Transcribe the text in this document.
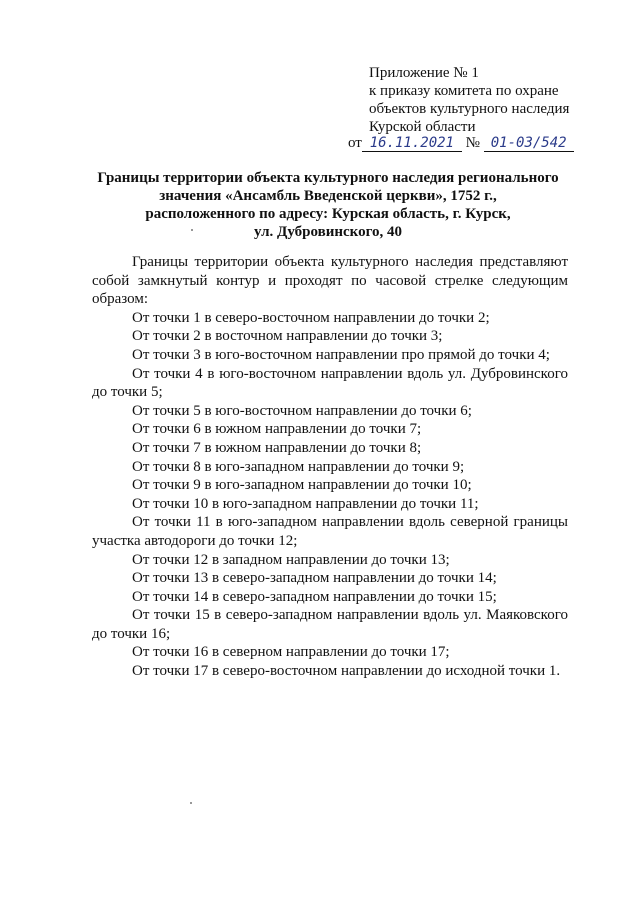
Приложение № 1
к приказу комитета по охране
объектов культурного наследия
Курской области
от 16.11.2021 № 01-03/542
Границы территории объекта культурного наследия регионального
значения «Ансамбль Введенской церкви», 1752 г.,
расположенного по адресу: Курская область, г. Курск,
ул. Дубровинского, 40

Границы территории объекта культурного наследия представляют собой замкнутый контур и проходят по часовой стрелке следующим образом:

От точки 1 в северо-восточном направлении до точки 2;

От точки 2 в восточном направлении до точки 3;

От точки 3 в юго-восточном направлении про прямой до точки 4;

От точки 4 в юго-восточном направлении вдоль ул. Дубровинского до точки 5;

От точки 5 в юго-восточном направлении до точки 6;

От точки 6 в южном направлении до точки 7;

От точки 7 в южном направлении до точки 8;

От точки 8 в юго-западном направлении до точки 9;

От точки 9 в юго-западном направлении до точки 10;

От точки 10 в юго-западном направлении до точки 11;

От точки 11 в юго-западном направлении вдоль северной границы участка автодороги до точки 12;

От точки 12 в западном направлении до точки 13;

От точки 13 в северо-западном направлении до точки 14;

От точки 14 в северо-западном направлении до точки 15;

От точки 15 в северо-западном направлении вдоль ул. Маяковского до точки 16;

От точки 16 в северном направлении до точки 17;

От точки 17 в северо-восточном направлении до исходной точки 1.
